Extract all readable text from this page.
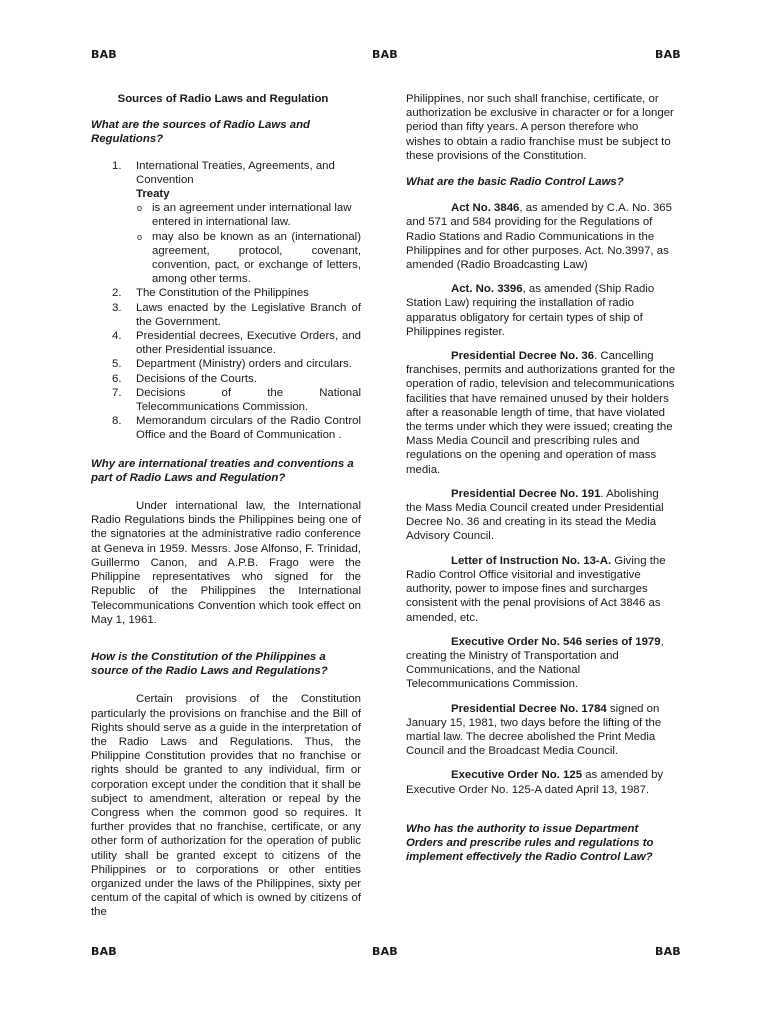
BAB	BAB	BAB
Sources of Radio Laws and Regulation

What are the sources of Radio Laws and Regulations?

1. International Treaties, Agreements, and Convention
Treaty
o is an agreement under international law entered in international law.
o may also be known as an (international) agreement, protocol, covenant, convention, pact, or exchange of letters, among other terms.
2. The Constitution of the Philippines
3. Laws enacted by the Legislative Branch of the Government.
4. Presidential decrees, Executive Orders, and other Presidential issuance.
5. Department (Ministry) orders and circulars.
6. Decisions of the Courts.
7. Decisions of the National Telecommunications Commission.
8. Memorandum circulars of the Radio Control Office and the Board of Communication .

Why are international treaties and conventions a part of Radio Laws and Regulation?

Under international law, the International Radio Regulations binds the Philippines being one of the signatories at the administrative radio conference at Geneva in 1959. Messrs. Jose Alfonso, F. Trinidad, Guillermo Canon, and A.P.B. Frago were the Philippine representatives who signed for the Republic of the Philippines the International Telecommunications Convention which took effect on May 1, 1961.

How is the Constitution of the Philippines a source of the Radio Laws and Regulations?

Certain provisions of the Constitution particularly the provisions on franchise and the Bill of Rights should serve as a guide in the interpretation of the Radio Laws and Regulations. Thus, the Philippine Constitution provides that no franchise or rights should be granted to any individual, firm or corporation except under the condition that it shall be subject to amendment, alteration or repeal by the Congress when the common good so requires. It further provides that no franchise, certificate, or any other form of authorization for the operation of public utility shall be granted except to citizens of the Philippines or to corporations or other entities organized under the laws of the Philippines, sixty per centum of the capital of which is owned by citizens of the

Philippines, nor such shall franchise, certificate, or authorization be exclusive in character or for a longer period than fifty years. A person therefore who wishes to obtain a radio franchise must be subject to these provisions of the Constitution.

What are the basic Radio Control Laws?

Act No. 3846, as amended by C.A. No. 365 and 571 and 584 providing for the Regulations of Radio Stations and Radio Communications in the Philippines and for other purposes. Act. No.3997, as amended (Radio Broadcasting Law)

Act. No. 3396, as amended (Ship Radio Station Law) requiring the installation of radio apparatus obligatory for certain types of ship of Philippines register.

Presidential Decree No. 36. Cancelling franchises, permits and authorizations granted for the operation of radio, television and telecommunications facilities that have remained unused by their holders after a reasonable length of time, that have violated the terms under which they were issued; creating the Mass Media Council and prescribing rules and regulations on the opening and operation of mass media.

Presidential Decree No. 191. Abolishing the Mass Media Council created under Presidential Decree No. 36 and creating in its stead the Media Advisory Council.

Letter of Instruction No. 13-A. Giving the Radio Control Office visitorial and investigative authority, power to impose fines and surcharges consistent with the penal provisions of Act 3846 as amended, etc.

Executive Order No. 546 series of 1979, creating the Ministry of Transportation and Communications, and the National Telecommunications Commission.

Presidential Decree No. 1784 signed on January 15, 1981, two days before the lifting of the martial law. The decree abolished the Print Media Council and the Broadcast Media Council.

Executive Order No. 125 as amended by Executive Order No. 125-A dated April 13, 1987.

Who has the authority to issue Department Orders and prescribe rules and regulations to implement effectively the Radio Control Law?

BAB	BAB	BAB
